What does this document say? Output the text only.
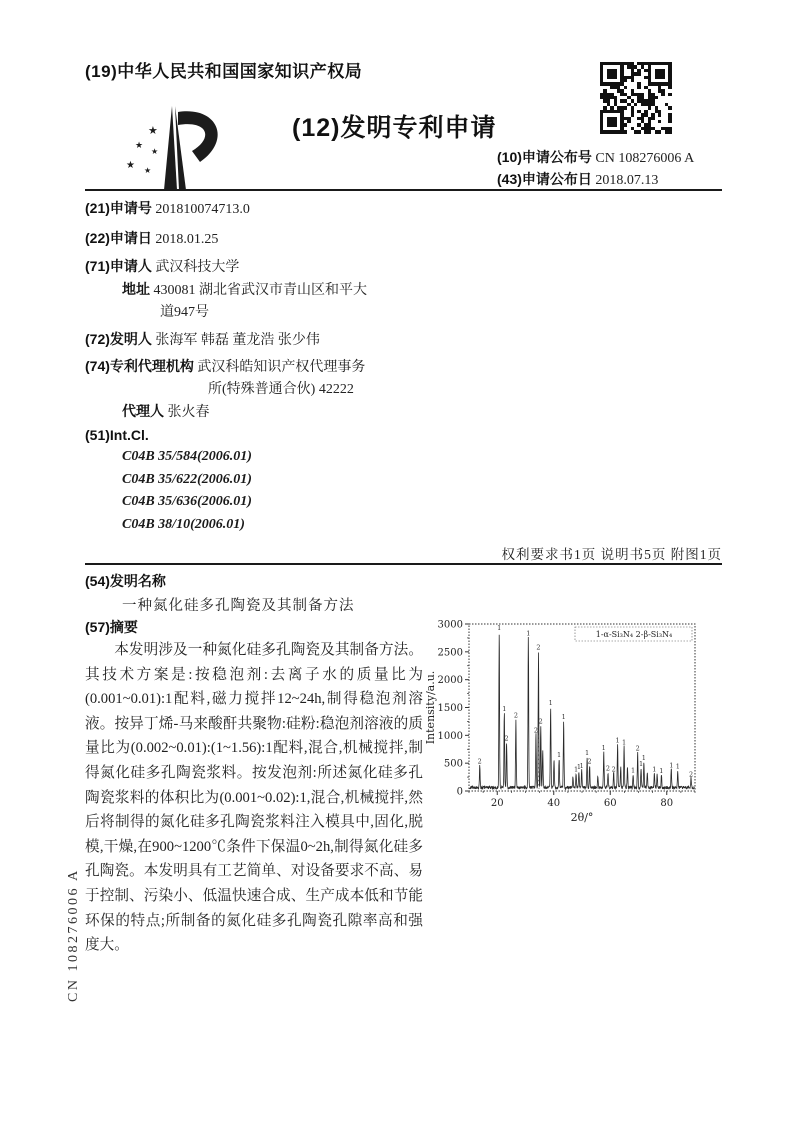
(19)中华人民共和国国家知识产权局

★
★
★
★ ★
(12)发明专利申请
(10)申请公布号 CN 108276006 A
(43)申请公布日 2018.07.13
(21)申请号 201810074713.0
(22)申请日 2018.01.25
(71)申请人 武汉科技大学
地址 430081 湖北省武汉市青山区和平大
道947号
(72)发明人 张海军 韩磊 董龙浩 张少伟
(74)专利代理机构 武汉科皓知识产权代理事务
所(特殊普通合伙) 42222
代理人 张火春
(51)Int.Cl.
C04B 35/584(2006.01)
C04B 35/622(2006.01)
C04B 35/636(2006.01)
C04B 38/10(2006.01)
权利要求书1页 说明书5页 附图1页
(54)发明名称
一种氮化硅多孔陶瓷及其制备方法
(57)摘要
本发明涉及一种氮化硅多孔陶瓷及其制备方法。其技术方案是:按稳泡剂:去离子水的质量比为(0.001~0.01):1配料,磁力搅拌12~24h,制得稳泡剂溶液。按异丁烯-马来酸酐共聚物:硅粉:稳泡剂溶液的质量比为(0.002~0.01):(1~1.56):1配料,混合,机械搅拌,制得氮化硅多孔陶瓷浆料。按发泡剂:所述氮化硅多孔陶瓷浆料的体积比为(0.001~0.02):1,混合,机械搅拌,然后将制得的氮化硅多孔陶瓷浆料注入模具中,固化,脱模,干燥,在900~1200℃条件下保温0~2h,制得氮化硅多孔陶瓷。本发明具有工艺简单、对设备要求不高、易于控制、污染小、低温快速合成、生产成本低和节能环保的特点;所制备的氮化硅多孔陶瓷孔隙率高和强度大。
2
1
1
2
2
1
2
2
2
1
1
1
1
1
1
1
2
1
2 2
1 1
1
2
1
1
1 1
1 1
2
20	40	60	80
0
500
1000
1500
2000
2500
3000
2θ/°
Intensity/a.u.
1-α-Si₃N₄ 2-β-Si₃N₄
CN 108276006 A
